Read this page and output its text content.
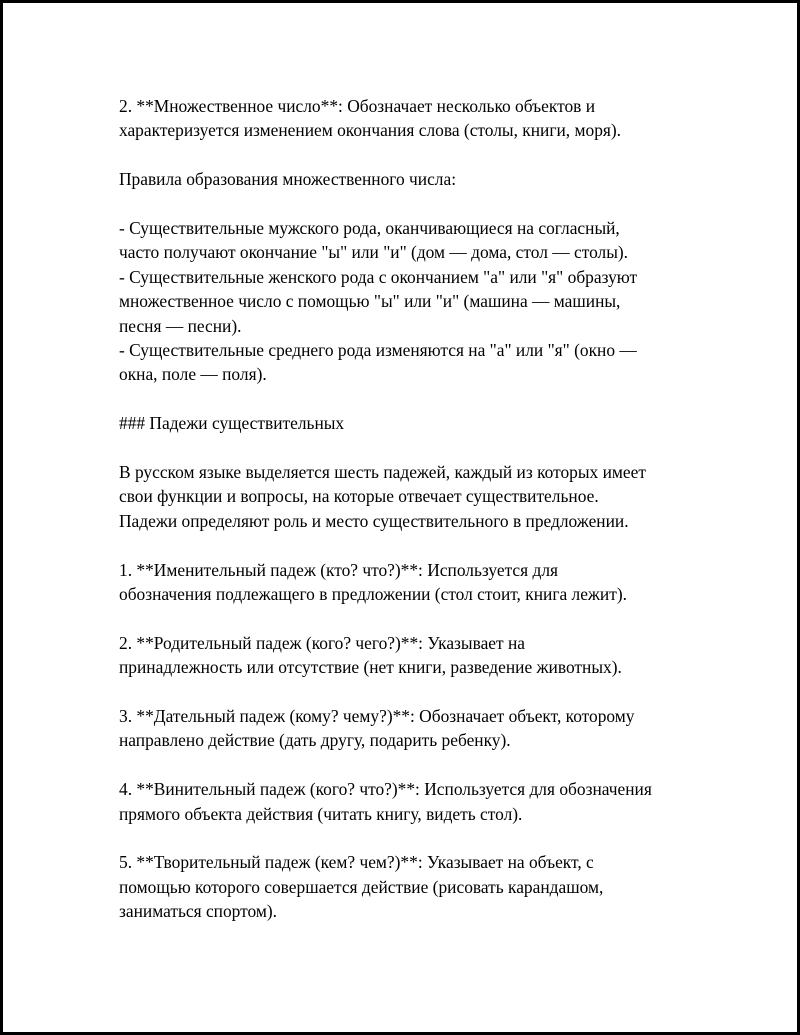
2. **Множественное число**: Обозначает несколько объектов и
характеризуется изменением окончания слова (столы, книги, моря).

Правила образования множественного числа:

- Существительные мужского рода, оканчивающиеся на согласный,
часто получают окончание "ы" или "и" (дом — дома, стол — столы).
- Существительные женского рода с окончанием "а" или "я" образуют
множественное число с помощью "ы" или "и" (машина — машины,
песня — песни).
- Существительные среднего рода изменяются на "а" или "я" (окно —
окна, поле — поля).

### Падежи существительных

В русском языке выделяется шесть падежей, каждый из которых имеет
свои функции и вопросы, на которые отвечает существительное.
Падежи определяют роль и место существительного в предложении.

1. **Именительный падеж (кто? что?)**: Используется для
обозначения подлежащего в предложении (стол стоит, книга лежит).

2. **Родительный падеж (кого? чего?)**: Указывает на
принадлежность или отсутствие (нет книги, разведение животных).

3. **Дательный падеж (кому? чему?)**: Обозначает объект, которому
направлено действие (дать другу, подарить ребенку).

4. **Винительный падеж (кого? что?)**: Используется для обозначения
прямого объекта действия (читать книгу, видеть стол).

5. **Творительный падеж (кем? чем?)**: Указывает на объект, с
помощью которого совершается действие (рисовать карандашом,
заниматься спортом).
